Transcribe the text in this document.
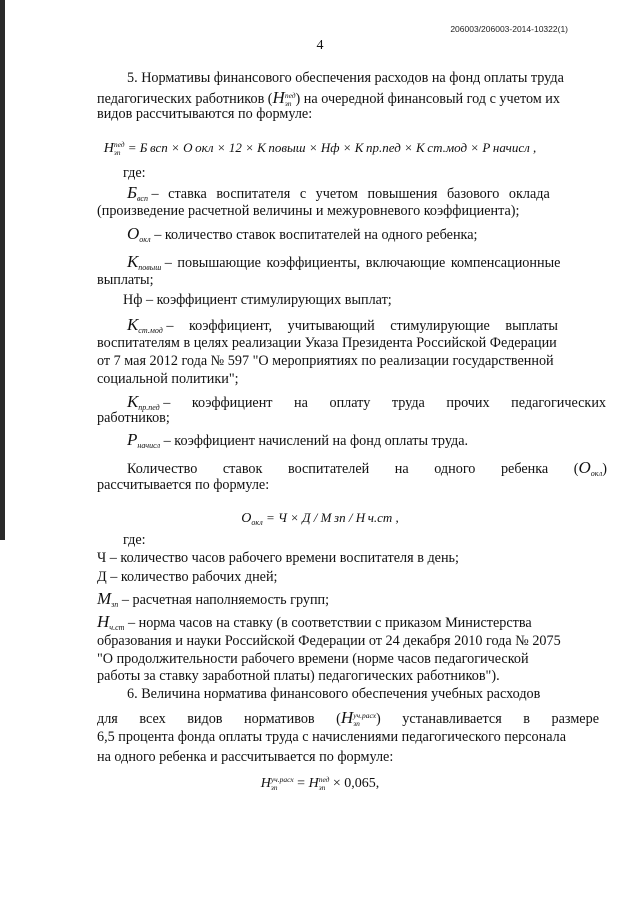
206003/206003-2014-10322(1)
4
5. Нормативы финансового обеспечения расходов на фонд оплаты труда
педагогических работников (Нпед
зп ) на очередной финансовый год с учетом их
видов рассчитываются по формуле:
Нпед
зп = Б всп × О окл × 12 × К повыш × Нф × К пр.пед × К ст.мод × Р начисл ,
где:
$Б_{всп}$ – ставка воспитателя с учетом повышения базового оклада
(произведение расчетной величины и межуровневого коэффициента);
$О_{окл}$ – количество ставок воспитателей на одного ребенка;
$К_{повыш}$ – повышающие коэффициенты, включающие компенсационные
выплаты;
Нф – коэффициент стимулирующих выплат;
$К_{ст.мод}$ – коэффициент, учитывающий стимулирующие выплаты
воспитателям в целях реализации Указа Президента Российской Федерации
от 7 мая 2012 года № 597 "О мероприятиях по реализации государственной
социальной политики";
$К_{пр.пед}$ – коэффициент на оплату труда прочих педагогических
работников;
$Р_{начисл}$ – коэффициент начислений на фонд оплаты труда.
Количество ставок воспитателей на одного ребенка $(О_{окл})$
рассчитывается по формуле:
$О_{окл} = Ч \times Д / М$ зп / Н ч.ст ,
где:
Ч – количество часов рабочего времени воспитателя в день;
Д – количество рабочих дней;
$М_{зп}$ – расчетная наполняемость групп;
$Н_{ч.ст}$ – норма часов на ставку (в соответствии с приказом Министерства
образования и науки Российской Федерации от 24 декабря 2010 года № 2075
"О продолжительности рабочего времени (норме часов педагогической
работы за ставку заработной платы) педагогических работников").
6. Величина норматива финансового обеспечения учебных расходов
для всех видов нормативов (Нуч.расх
зп ) устанавливается в размере
6,5 процента фонда оплаты труда с начислениями педагогического персонала
на одного ребенка и рассчитывается по формуле:
Нуч.расх
зп = Нпед
зп × 0,065,
